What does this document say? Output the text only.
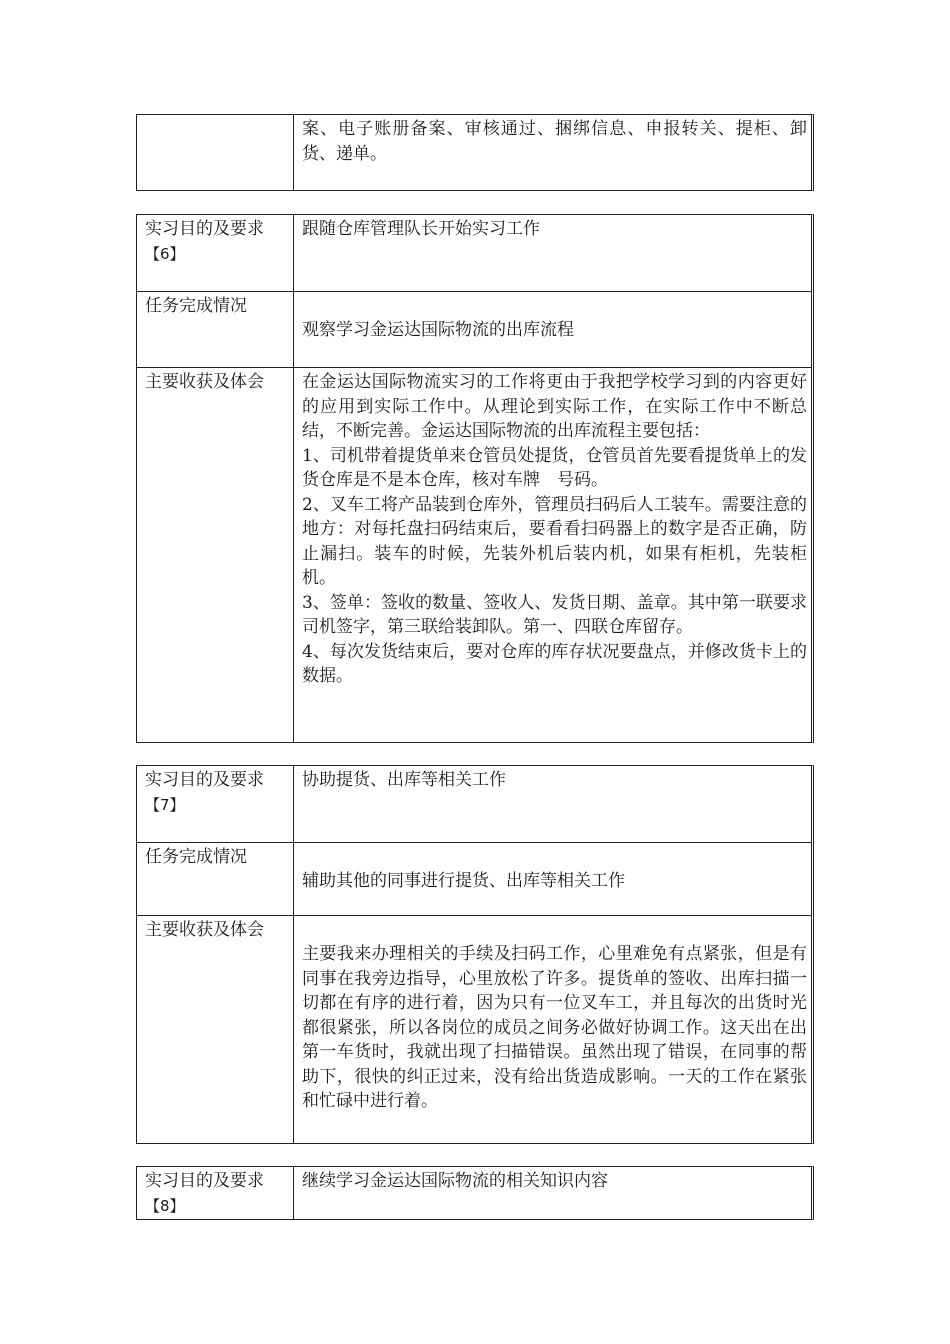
案、电子账册备案、审核通过、捆绑信息、申报转关、提柜、卸货、递单。
实习目的及要求
【6】
跟随仓库管理队长开始实习工作
任务完成情况
观察学习金运达国际物流的出库流程
主要收获及体会	在金运达国际物流实习的工作将更由于我把学校学习到的内容更好的应用到实际工作中。从理论到实际工作，在实际工作中不断总结，不断完善。金运达国际物流的出库流程主要包括：

1、司机带着提货单来仓管员处提货，仓管员首先要看提货单上的发货仓库是不是本仓库，核对车牌　号码。

2、叉车工将产品装到仓库外，管理员扫码后人工装车。需要注意的地方：对每托盘扫码结束后，要看看扫码器上的数字是否正确，防止漏扫。装车的时候，先装外机后装内机，如果有柜机，先装柜机。

3、签单：签收的数量、签收人、发货日期、盖章。其中第一联要求司机签字，第三联给装卸队。第一、四联仓库留存。

4、每次发货结束后，要对仓库的库存状况要盘点，并修改货卡上的数据。

实习目的及要求
【7】
协助提货、出库等相关工作
任务完成情况
辅助其他的同事进行提货、出库等相关工作
主要收获及体会
主要我来办理相关的手续及扫码工作，心里难免有点紧张，但是有同事在我旁边指导，心里放松了许多。提货单的签收、出库扫描一切都在有序的进行着，因为只有一位叉车工，并且每次的出货时光都很紧张，所以各岗位的成员之间务必做好协调工作。这天出在出第一车货时，我就出现了扫描错误。虽然出现了错误，在同事的帮助下，很快的纠正过来，没有给出货造成影响。一天的工作在紧张和忙碌中进行着。
实习目的及要求
【8】
继续学习金运达国际物流的相关知识内容
